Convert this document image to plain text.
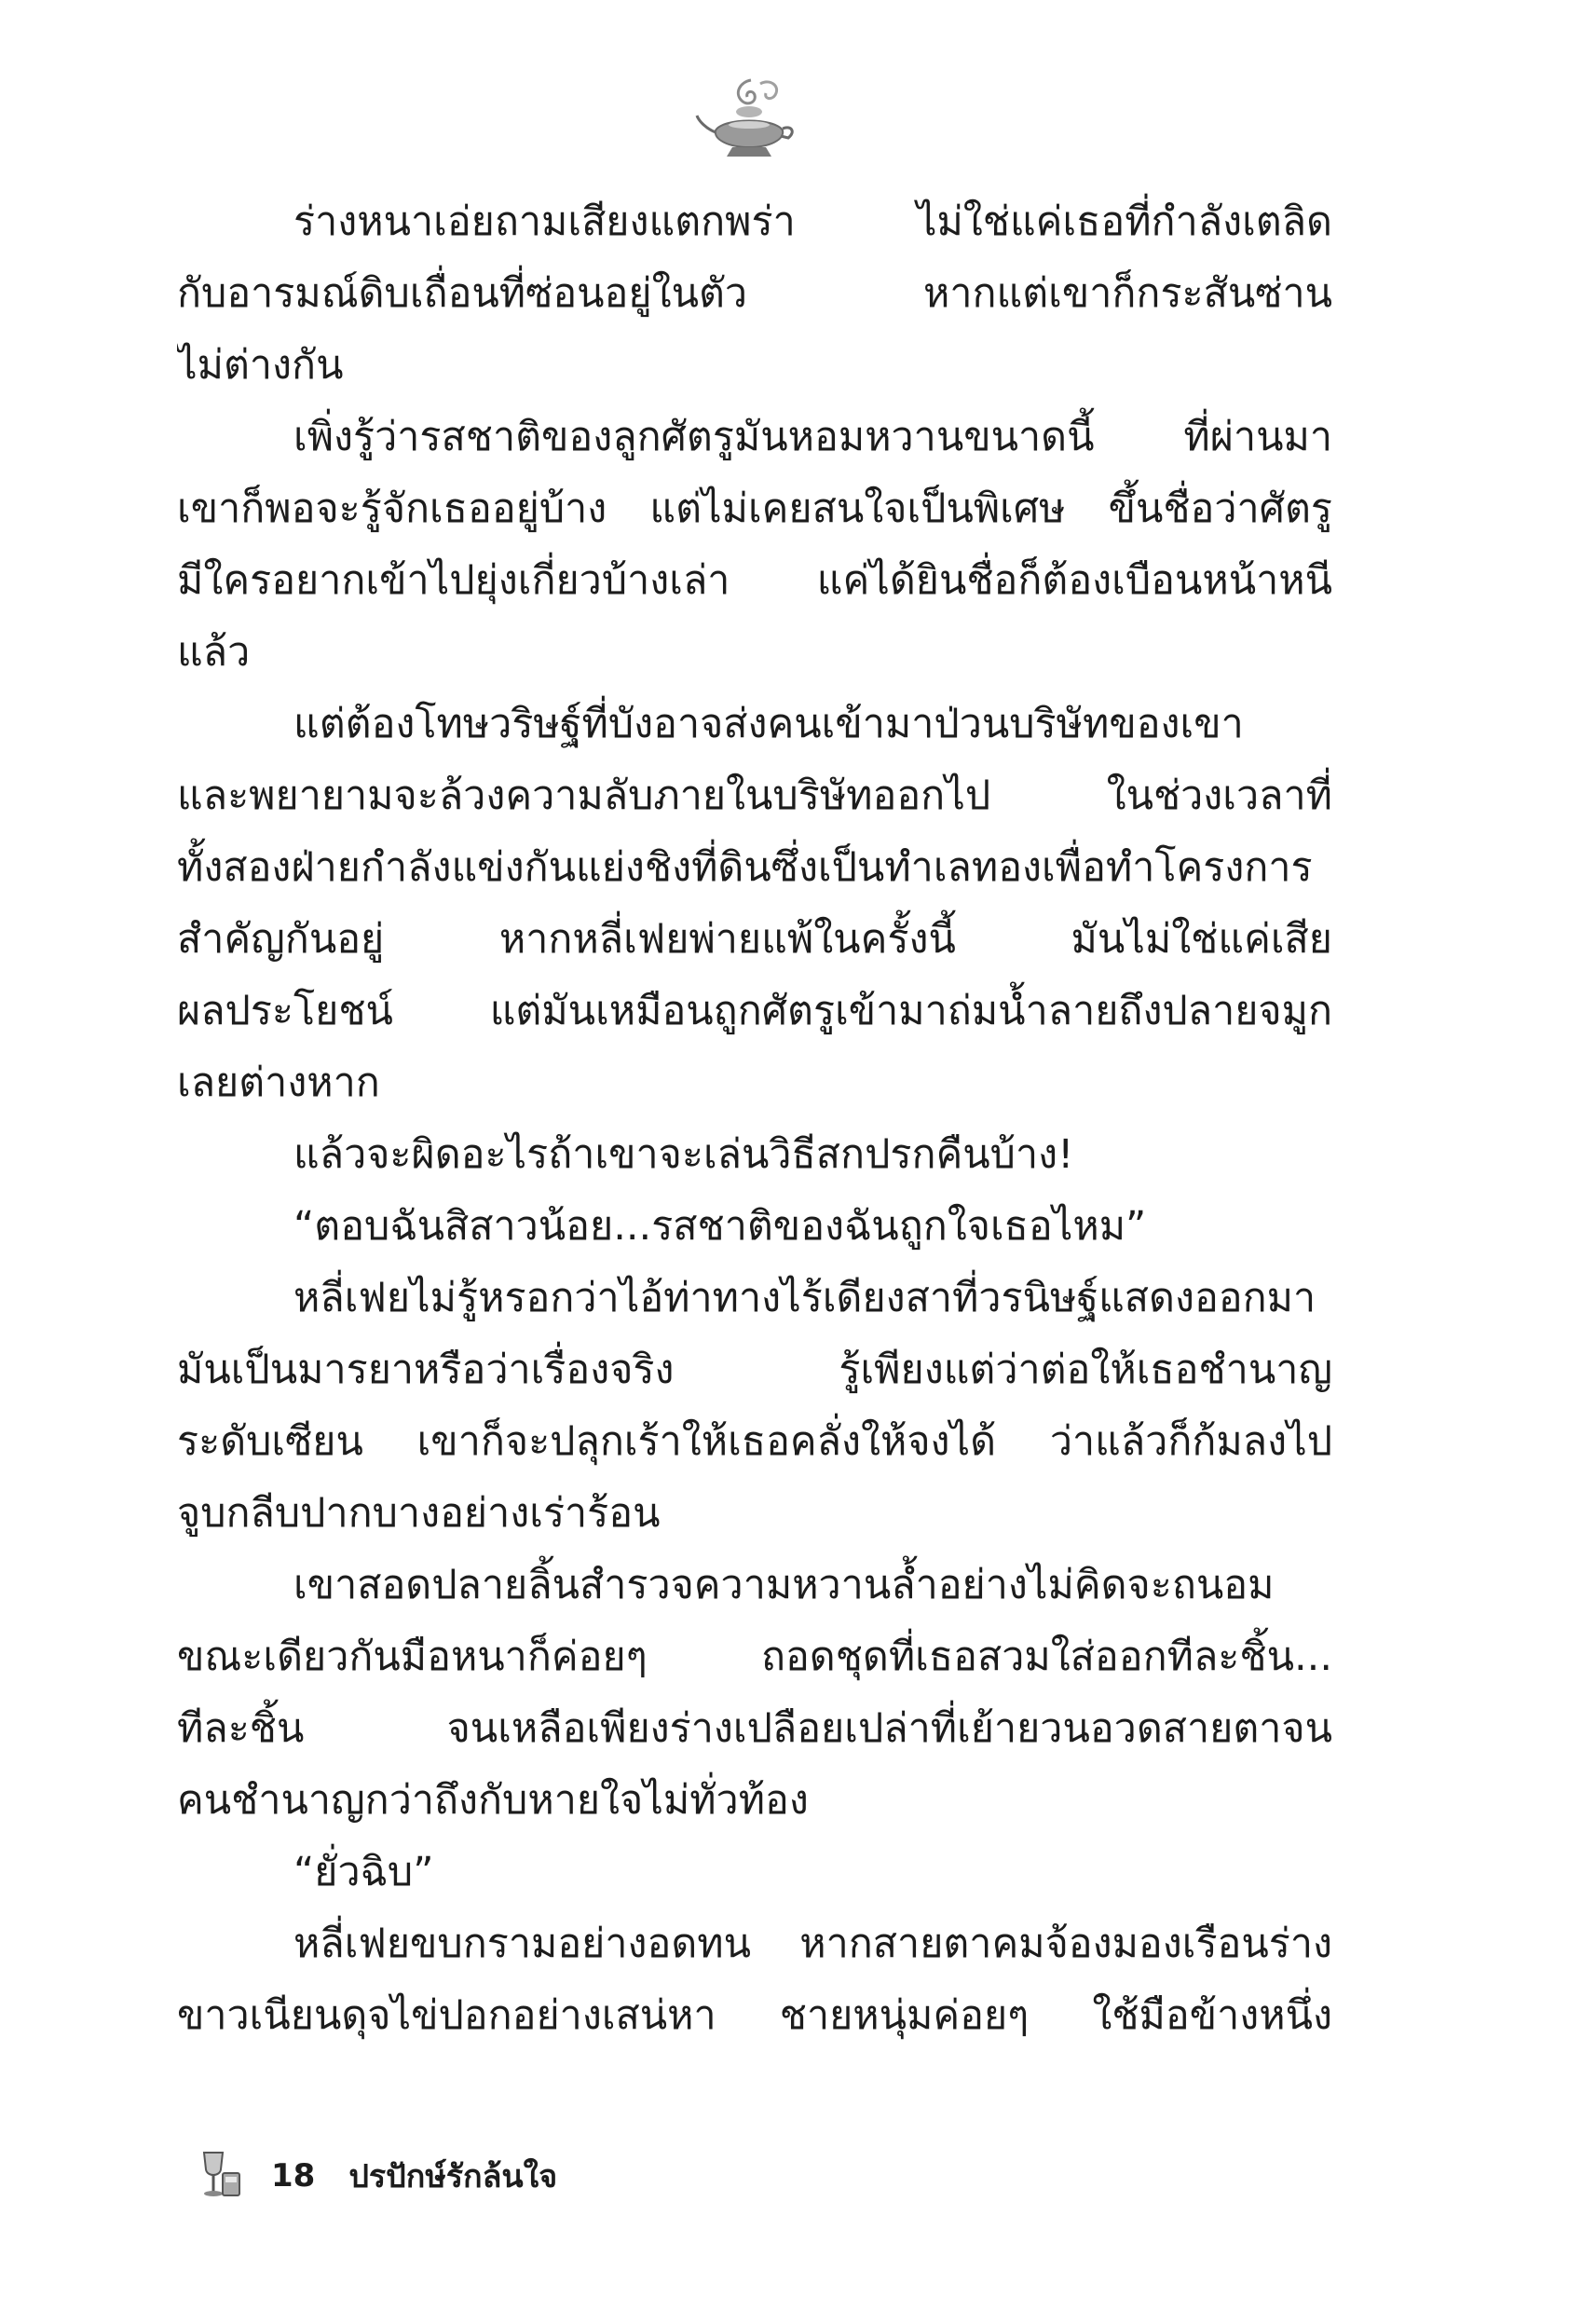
ร่างหนาเอ่ยถามเสียงแตกพร่า ไม่ใช่แค่เธอที่กำลังเตลิด
กับอารมณ์ดิบเถื่อนที่ซ่อนอยู่ในตัว หากแต่เขาก็กระสันซ่าน
ไม่ต่างกัน
เพิ่งรู้ว่ารสชาติของลูกศัตรูมันหอมหวานขนาดนี้ ที่ผ่านมา
เขาก็พอจะรู้จักเธออยู่บ้าง แต่ไม่เคยสนใจเป็นพิเศษ ขึ้นชื่อว่าศัตรู
มีใครอยากเข้าไปยุ่งเกี่ยวบ้างเล่า แค่ได้ยินชื่อก็ต้องเบือนหน้าหนี
แล้ว
แต่ต้องโทษวริษฐ์ที่บังอาจส่งคนเข้ามาป่วนบริษัทของเขา
และพยายามจะล้วงความลับภายในบริษัทออกไป ในช่วงเวลาที่
ทั้งสองฝ่ายกำลังแข่งกันแย่งชิงที่ดินซึ่งเป็นทำเลทองเพื่อทำโครงการ
สำคัญกันอยู่ หากหลี่เฟยพ่ายแพ้ในครั้งนี้ มันไม่ใช่แค่เสีย
ผลประโยชน์ แต่มันเหมือนถูกศัตรูเข้ามาถ่มน้ำลายถึงปลายจมูก
เลยต่างหาก
แล้วจะผิดอะไรถ้าเขาจะเล่นวิธีสกปรกคืนบ้าง!
“ตอบฉันสิสาวน้อย...รสชาติของฉันถูกใจเธอไหม”
หลี่เฟยไม่รู้หรอกว่าไอ้ท่าทางไร้เดียงสาที่วรนิษฐ์แสดงออกมา
มันเป็นมารยาหรือว่าเรื่องจริง รู้เพียงแต่ว่าต่อให้เธอชำนาญ
ระดับเซียน เขาก็จะปลุกเร้าให้เธอคลั่งให้จงได้ ว่าแล้วก็ก้มลงไป
จูบกลีบปากบางอย่างเร่าร้อน
เขาสอดปลายลิ้นสำรวจความหวานล้ำอย่างไม่คิดจะถนอม
ขณะเดียวกันมือหนาก็ค่อยๆ ถอดชุดที่เธอสวมใส่ออกทีละชิ้น...
ทีละชิ้น จนเหลือเพียงร่างเปลือยเปล่าที่เย้ายวนอวดสายตาจน
คนชำนาญกว่าถึงกับหายใจไม่ทั่วท้อง
“ยั่วฉิบ”
หลี่เฟยขบกรามอย่างอดทน หากสายตาคมจ้องมองเรือนร่าง
ขาวเนียนดุจไข่ปอกอย่างเสน่หา ชายหนุ่มค่อยๆ ใช้มือข้างหนึ่ง
18 ปรปักษ์รักล้นใจ
